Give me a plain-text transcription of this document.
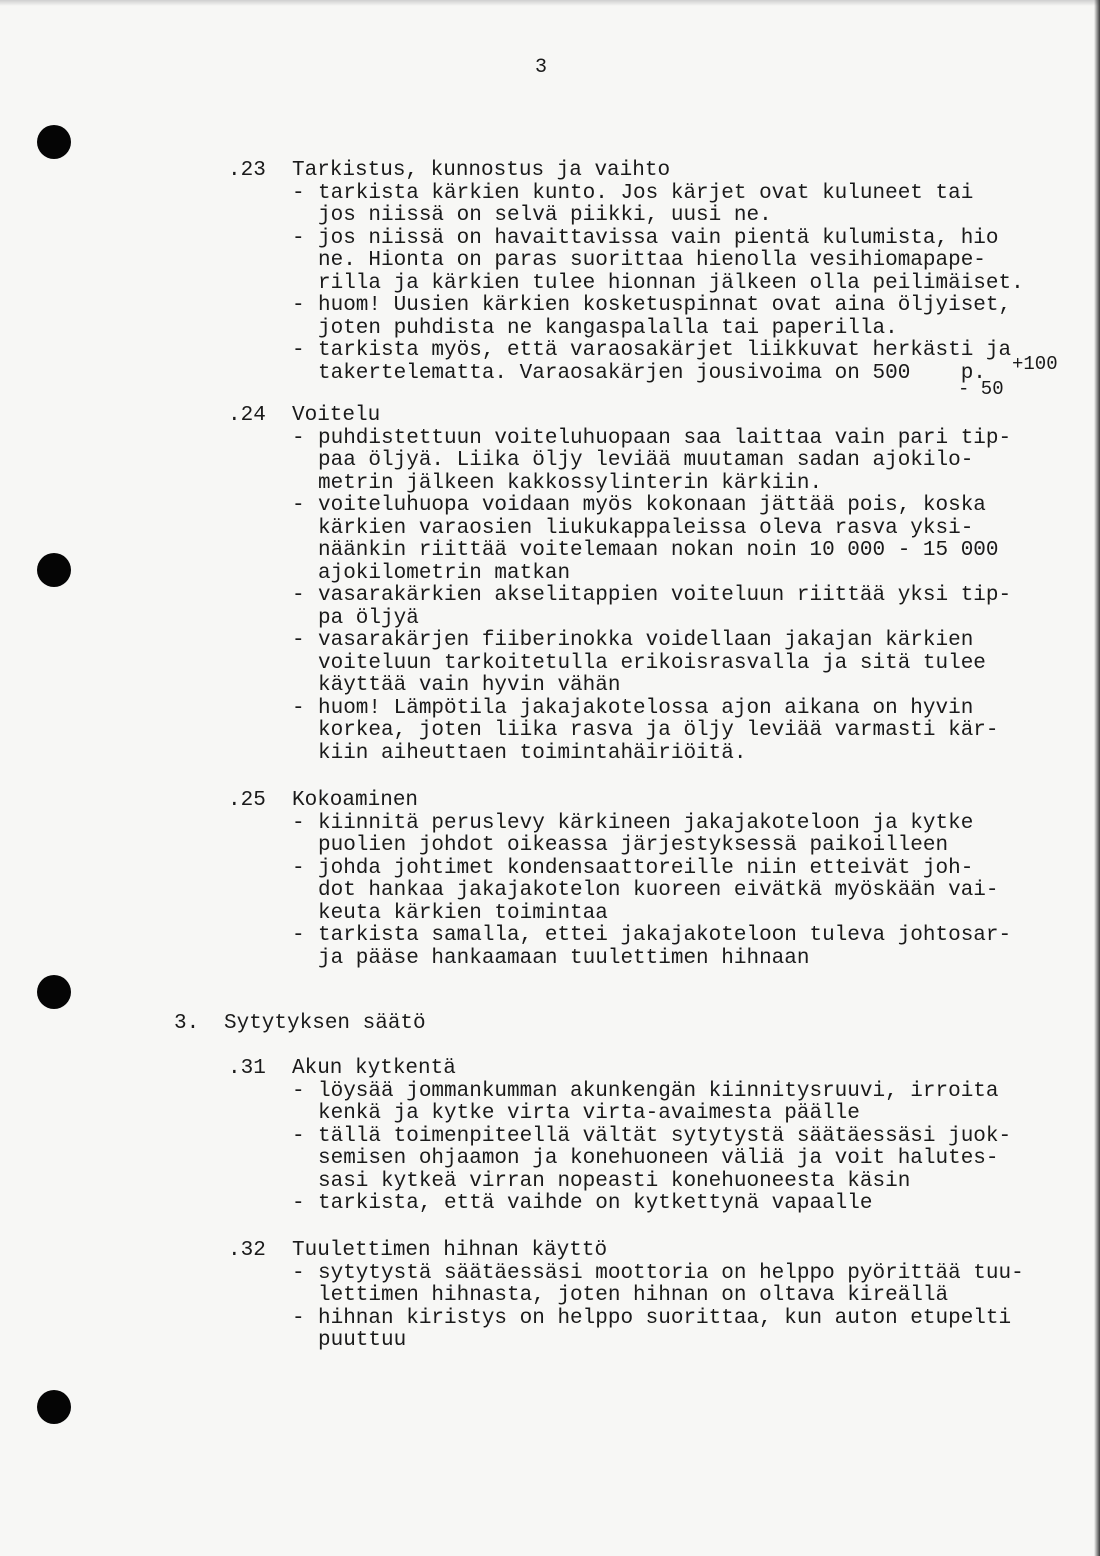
3
.23	Tarkistus, kunnostus ja vaihto
- tarkista kärkien kunto. Jos kärjet ovat kuluneet tai
jos niissä on selvä piikki, uusi ne.
- jos niissä on havaittavissa vain pientä kulumista, hio
ne. Hionta on paras suorittaa hienolla vesihiomapape-
rilla ja kärkien tulee hionnan jälkeen olla peilimäiset.
- huom! Uusien kärkien kosketuspinnat ovat aina öljyiset,
joten puhdista ne kangaspalalla tai paperilla.
- tarkista myös, että varaosakärjet liikkuvat herkästi ja
takertelematta. Varaosakärjen jousivoima on 500    p.	+100
- 50
.24	Voitelu
- puhdistettuun voiteluhuopaan saa laittaa vain pari tip-
paa öljyä. Liika öljy leviää muutaman sadan ajokilo-
metrin jälkeen kakkossylinterin kärkiin.
- voiteluhuopa voidaan myös kokonaan jättää pois, koska
kärkien varaosien liukukappaleissa oleva rasva yksi-
näänkin riittää voitelemaan nokan noin 10 000 - 15 000
ajokilometrin matkan
- vasarakärkien akselitappien voiteluun riittää yksi tip-
pa öljyä
- vasarakärjen fiiberinokka voidellaan jakajan kärkien
voiteluun tarkoitetulla erikoisrasvalla ja sitä tulee
käyttää vain hyvin vähän
- huom! Lämpötila jakajakotelossa ajon aikana on hyvin
korkea, joten liika rasva ja öljy leviää varmasti kär-
kiin aiheuttaen toimintahäiriöitä.
.25	Kokoaminen
- kiinnitä peruslevy kärkineen jakajakoteloon ja kytke
puolien johdot oikeassa järjestyksessä paikoilleen
- johda johtimet kondensaattoreille niin etteivät joh-
dot hankaa jakajakotelon kuoreen eivätkä myöskään vai-
keuta kärkien toimintaa
- tarkista samalla, ettei jakajakoteloon tuleva johtosar-
ja pääse hankaamaan tuulettimen hihnaan
3. Sytytyksen säätö
.31	Akun kytkentä
- löysää jommankumman akunkengän kiinnitysruuvi, irroita
kenkä ja kytke virta virta-avaimesta päälle
- tällä toimenpiteellä vältät sytytystä säätäessäsi juok-
semisen ohjaamon ja konehuoneen väliä ja voit halutes-
sasi kytkeä virran nopeasti konehuoneesta käsin
- tarkista, että vaihde on kytkettynä vapaalle
.32	Tuulettimen hihnan käyttö
- sytytystä säätäessäsi moottoria on helppo pyörittää tuu-
lettimen hihnasta, joten hihnan on oltava kireällä
- hihnan kiristys on helppo suorittaa, kun auton etupelti
puuttuu
